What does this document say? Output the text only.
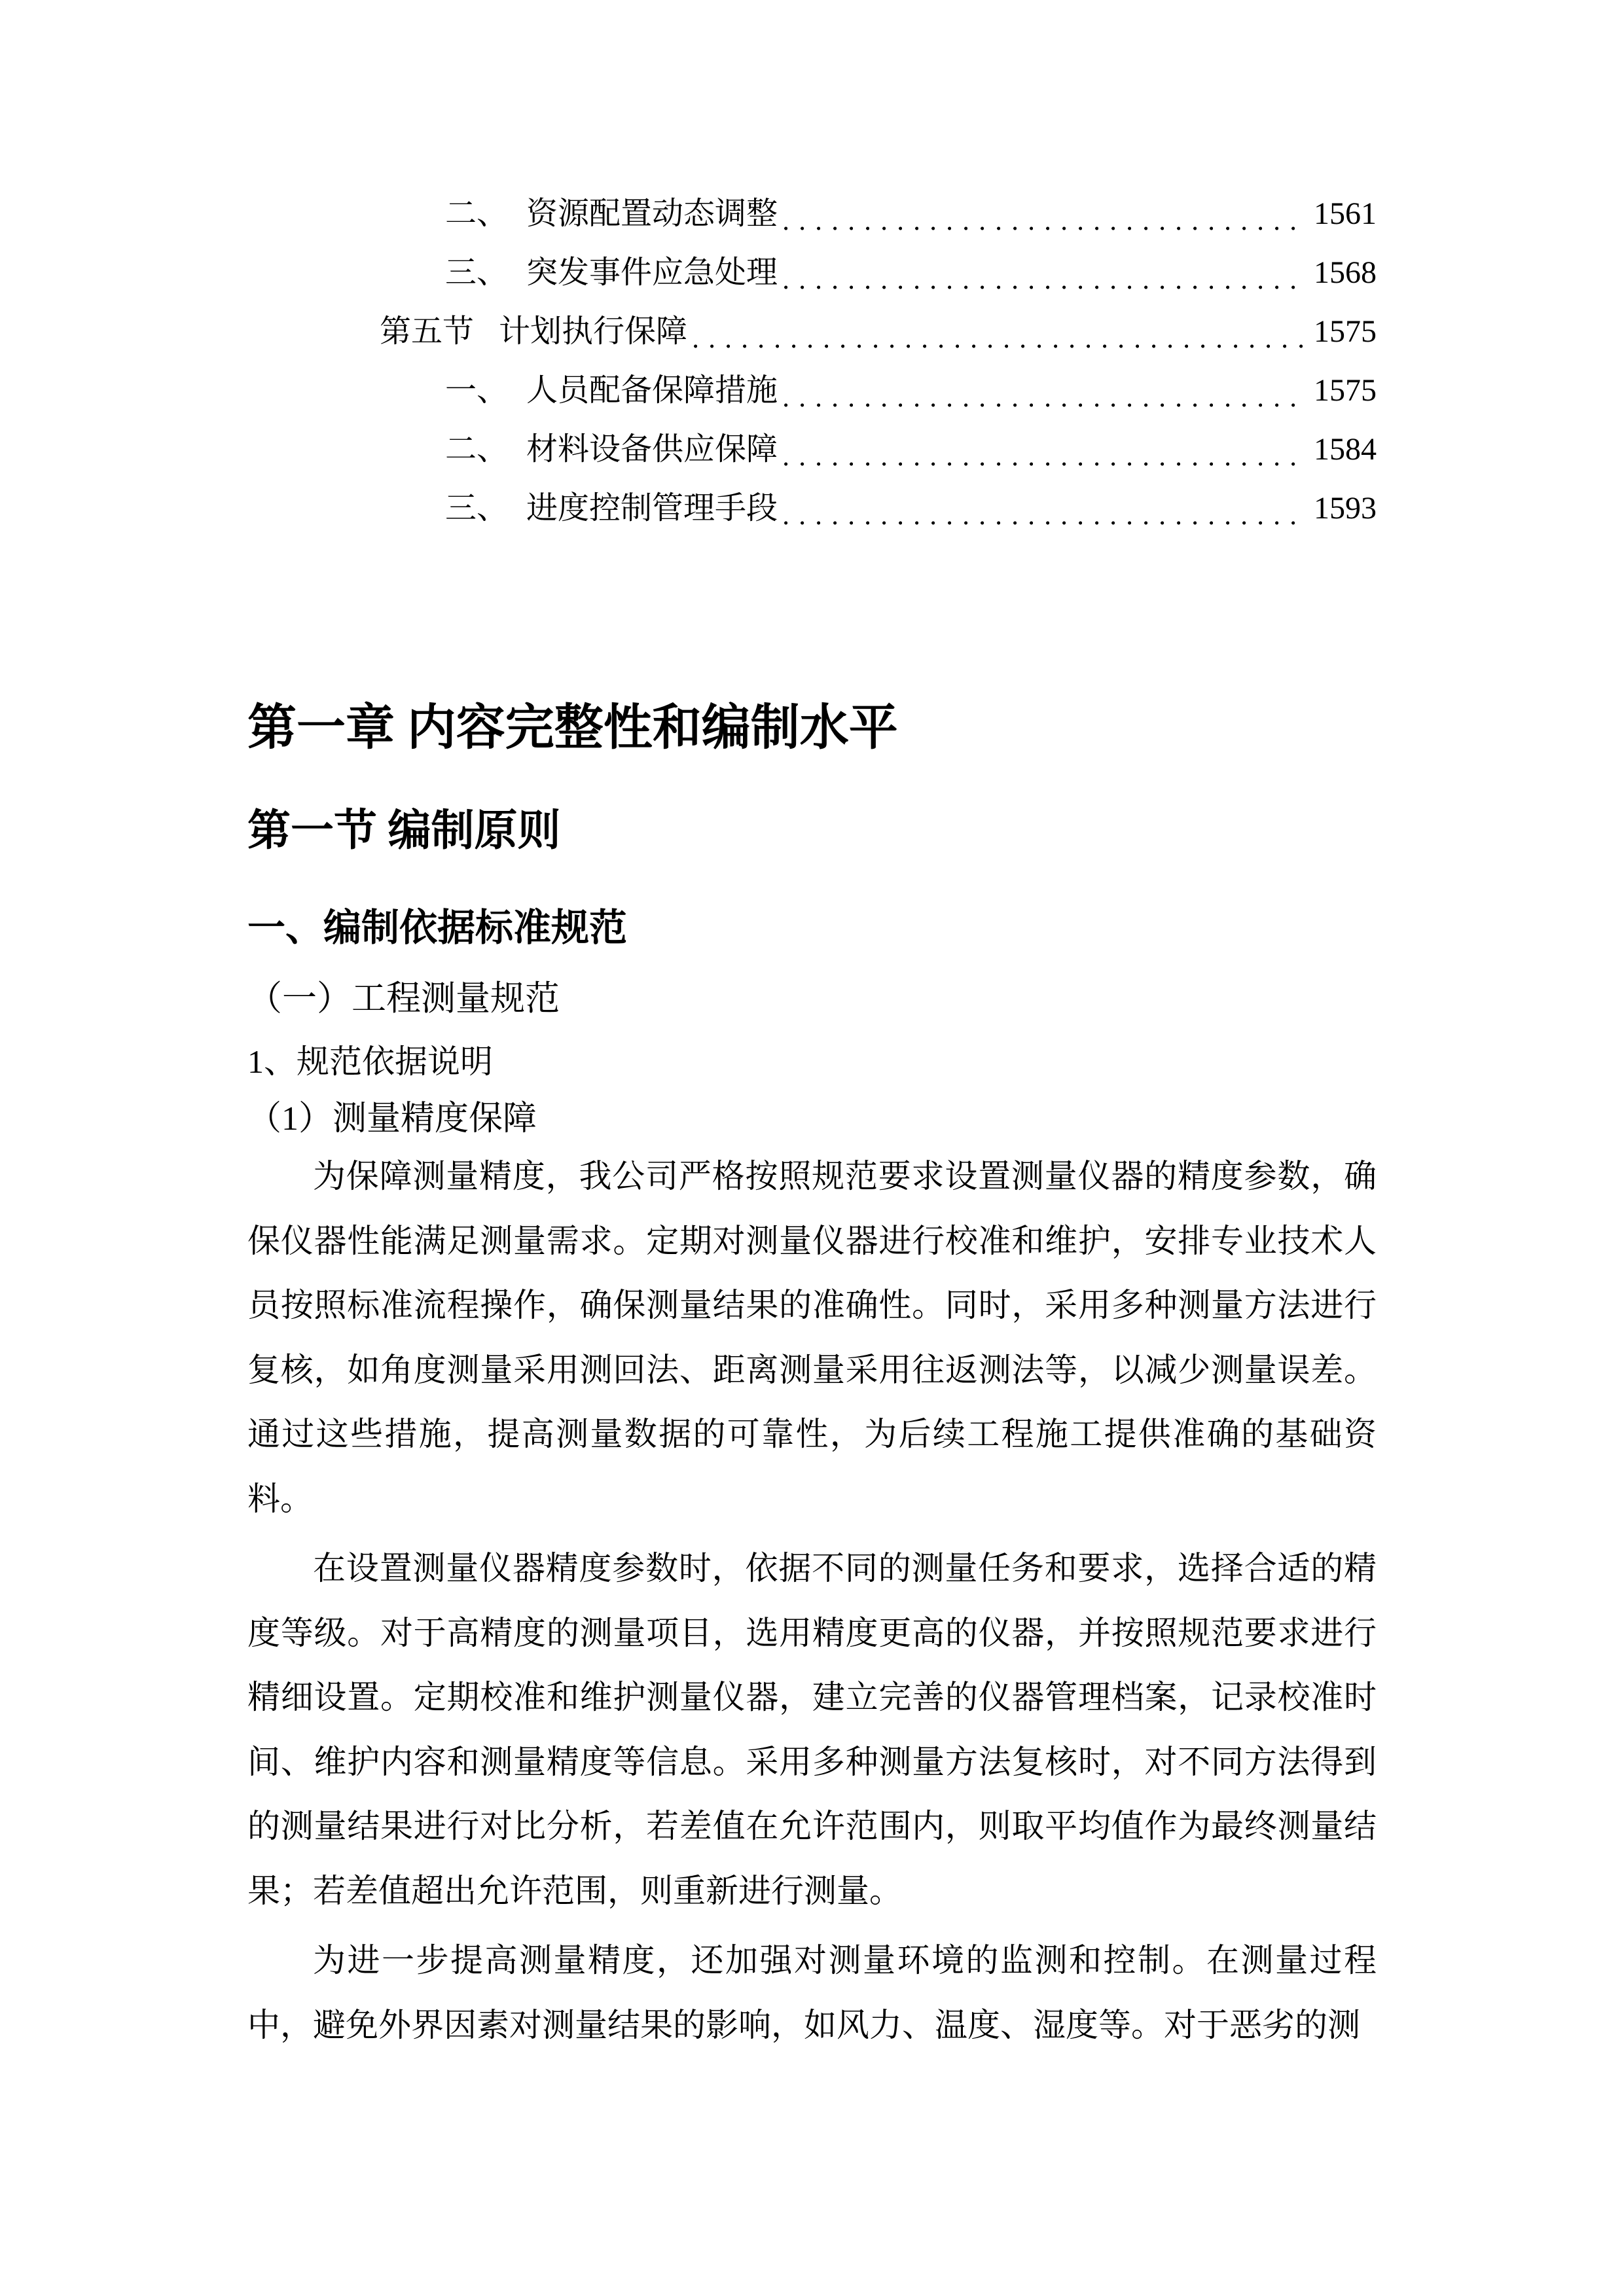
二、 资源配置动态调整	1561
三、 突发事件应急处理	1568
第五节 计划执行保障	1575
一、 人员配备保障措施	1575
二、 材料设备供应保障	1584
三、 进度控制管理手段	1593
第一章 内容完整性和编制水平
第一节 编制原则
一、编制依据标准规范
（一）工程测量规范
1、规范依据说明
（1）测量精度保障

为保障测量精度，我公司严格按照规范要求设置测量仪器的精度参数，确保仪器性能满足测量需求。定期对测量仪器进行校准和维护，安排专业技术人员按照标准流程操作，确保测量结果的准确性。同时，采用多种测量方法进行复核，如角度测量采用测回法、距离测量采用往返测法等，以减少测量误差。通过这些措施，提高测量数据的可靠性，为后续工程施工提供准确的基础资料。

在设置测量仪器精度参数时，依据不同的测量任务和要求，选择合适的精度等级。对于高精度的测量项目，选用精度更高的仪器，并按照规范要求进行精细设置。定期校准和维护测量仪器，建立完善的仪器管理档案，记录校准时间、维护内容和测量精度等信息。采用多种测量方法复核时，对不同方法得到的测量结果进行对比分析，若差值在允许范围内，则取平均值作为最终测量结果；若差值超出允许范围，则重新进行测量。

为进一步提高测量精度，还加强对测量环境的监测和控制。在测量过程中，避免外界因素对测量结果的影响，如风力、温度、湿度等。对于恶劣的测
